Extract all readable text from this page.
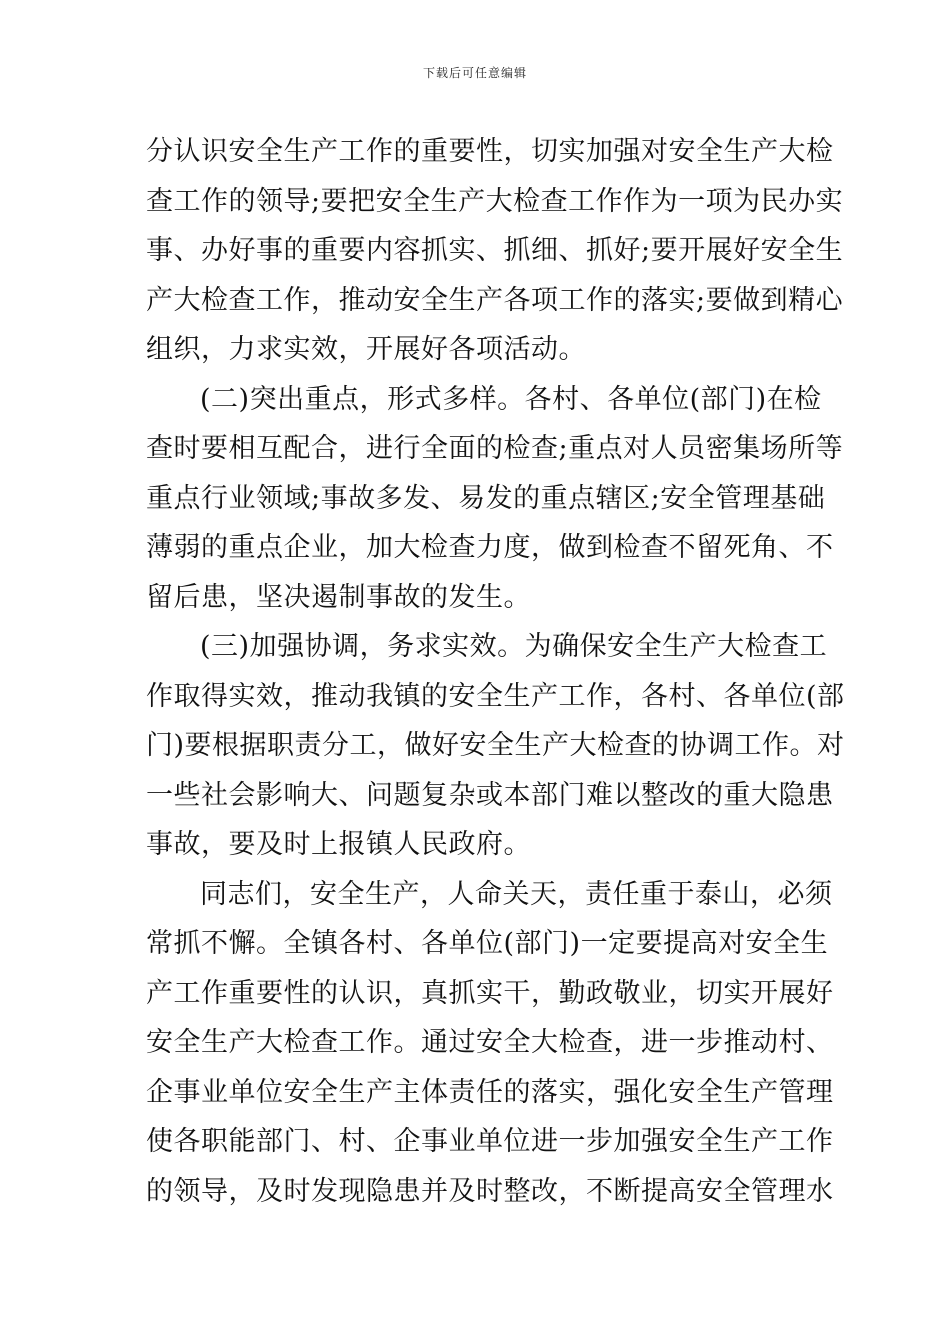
下载后可任意编辑
分认识安全生产工作的重要性，切实加强对安全生产大检
查工作的领导;要把安全生产大检查工作作为一项为民办实
事、办好事的重要内容抓实、抓细、抓好;要开展好安全生
产大检查工作，推动安全生产各项工作的落实;要做到精心
组织，力求实效，开展好各项活动。
(二)突出重点，形式多样。各村、各单位(部门)在检
查时要相互配合，进行全面的检查;重点对人员密集场所等
重点行业领域;事故多发、易发的重点辖区;安全管理基础
薄弱的重点企业，加大检查力度，做到检查不留死角、不
留后患，坚决遏制事故的发生。
(三)加强协调，务求实效。为确保安全生产大检查工
作取得实效，推动我镇的安全生产工作，各村、各单位(部
门)要根据职责分工，做好安全生产大检查的协调工作。对
一些社会影响大、问题复杂或本部门难以整改的重大隐患
事故，要及时上报镇人民政府。
同志们，安全生产，人命关天，责任重于泰山，必须
常抓不懈。全镇各村、各单位(部门)一定要提高对安全生
产工作重要性的认识，真抓实干，勤政敬业，切实开展好
安全生产大检查工作。通过安全大检查，进一步推动村、
企事业单位安全生产主体责任的落实，强化安全生产管理
使各职能部门、村、企事业单位进一步加强安全生产工作
的领导，及时发现隐患并及时整改，不断提高安全管理水
